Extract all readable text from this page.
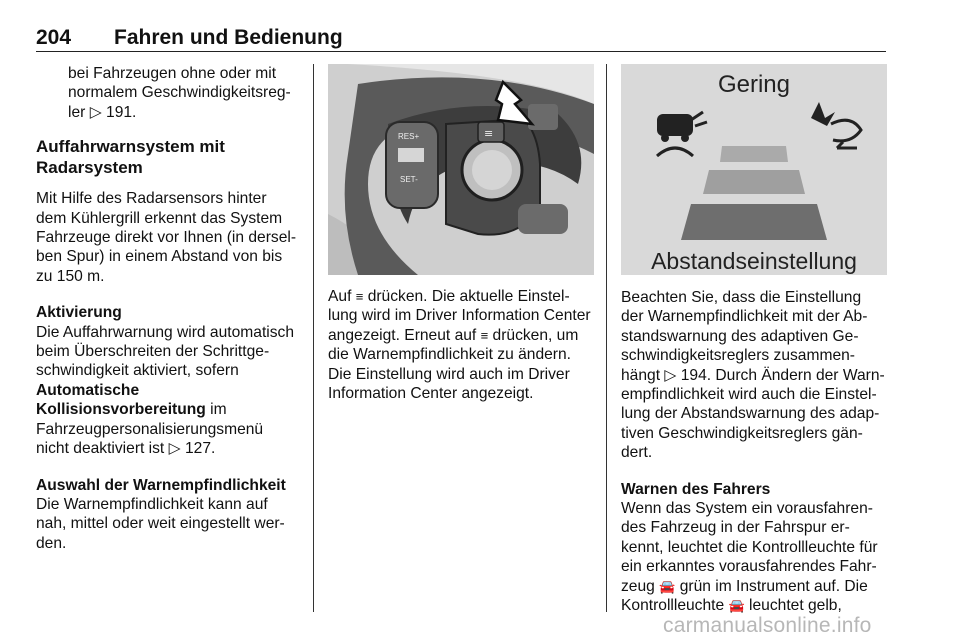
204 Fahren und Bedienung

bei Fahrzeugen ohne oder mit normalem Geschwindigkeitsreg-ler ▷ 191.

Auffahrwarnsystem mit Radarsystem

Mit Hilfe des Radarsensors hinter dem Kühlergrill erkennt das System Fahrzeuge direkt vor Ihnen (in dersel-ben Spur) in einem Abstand von bis zu 150 m.

Aktivierung

Die Auffahrwarnung wird automatisch beim Überschreiten der Schrittge-schwindigkeit aktiviert, sofern Automatische Kollisionsvorbereitung im Fahrzeugpersonalisierungsmenü nicht deaktiviert ist ▷ 127.

Auswahl der Warnempfindlichkeit

Die Warnempfindlichkeit kann auf nah, mittel oder weit eingestellt wer-den.

RES+
SET-
≡

Auf ≡ drücken. Die aktuelle Einstel-lung wird im Driver Information Center angezeigt. Erneut auf ≡ drücken, um die Warnempfindlichkeit zu ändern. Die Einstellung wird auch im Driver Information Center angezeigt.

Gering
Abstandseinstellung

Beachten Sie, dass die Einstellung der Warnempfindlichkeit mit der Ab-standswarnung des adaptiven Ge-schwindigkeitsreglers zusammen-hängt ▷ 194. Durch Ändern der Warn-empfindlichkeit wird auch die Einstel-lung der Abstandswarnung des adap-tiven Geschwindigkeitsreglers gän-dert.

Warnen des Fahrers

Wenn das System ein vorausfahren-des Fahrzeug in der Fahrspur er-kennt, leuchtet die Kontrollleuchte für ein erkanntes vorausfahrendes Fahr-zeug 🚘 grün im Instrument auf. Die Kontrollleuchte 🚘 leuchtet gelb,

carmanualsonline.info
